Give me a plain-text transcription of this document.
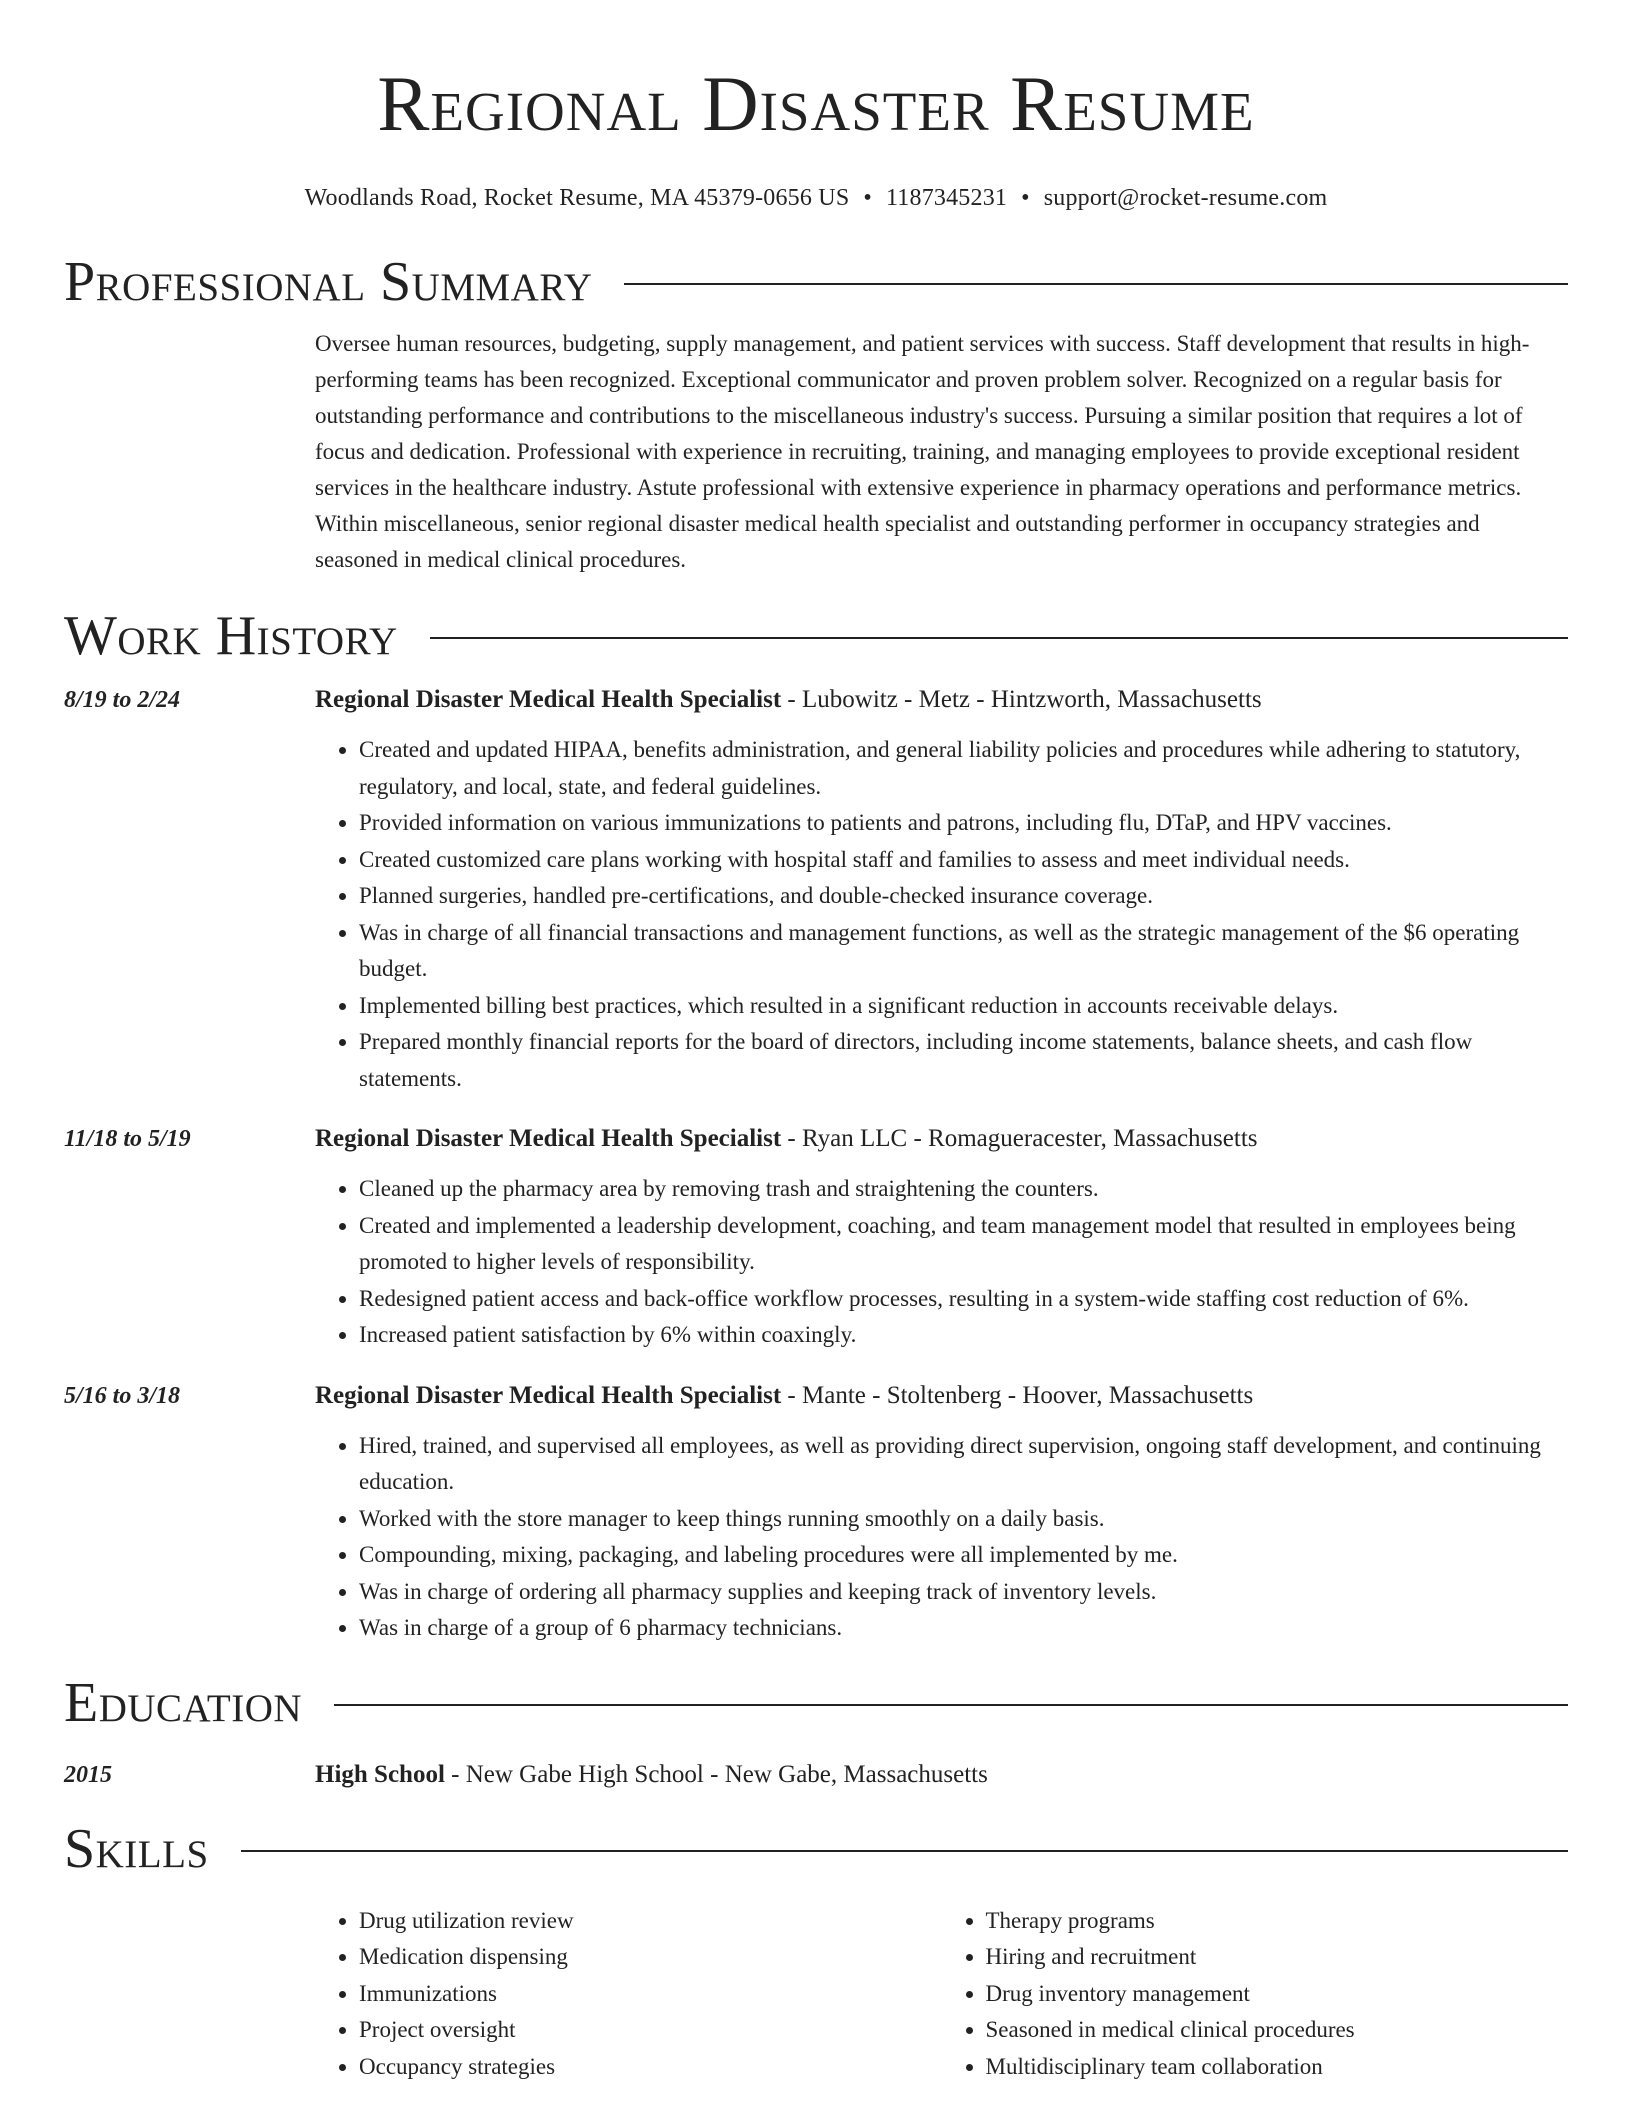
Regional Disaster Resume
Woodlands Road, Rocket Resume, MA 45379-0656 US • 1187345231 • support@rocket-resume.com
Professional Summary

Oversee human resources, budgeting, supply management, and patient services with success. Staff development that results in high-performing teams has been recognized. Exceptional communicator and proven problem solver. Recognized on a regular basis for outstanding performance and contributions to the miscellaneous industry's success. Pursuing a similar position that requires a lot of focus and dedication. Professional with experience in recruiting, training, and managing employees to provide exceptional resident services in the healthcare industry. Astute professional with extensive experience in pharmacy operations and performance metrics. Within miscellaneous, senior regional disaster medical health specialist and outstanding performer in occupancy strategies and seasoned in medical clinical procedures.

Work History
8/19 to 2/24	Regional Disaster Medical Health Specialist - Lubowitz - Metz - Hintzworth, Massachusetts
• Created and updated HIPAA, benefits administration, and general liability policies and procedures while adhering to statutory, regulatory, and local, state, and federal guidelines.
• Provided information on various immunizations to patients and patrons, including flu, DTaP, and HPV vaccines.
• Created customized care plans working with hospital staff and families to assess and meet individual needs.
• Planned surgeries, handled pre-certifications, and double-checked insurance coverage.
• Was in charge of all financial transactions and management functions, as well as the strategic management of the $6 operating budget.
• Implemented billing best practices, which resulted in a significant reduction in accounts receivable delays.
• Prepared monthly financial reports for the board of directors, including income statements, balance sheets, and cash flow statements.
11/18 to 5/19	Regional Disaster Medical Health Specialist - Ryan LLC - Romagueracester, Massachusetts
• Cleaned up the pharmacy area by removing trash and straightening the counters.
• Created and implemented a leadership development, coaching, and team management model that resulted in employees being promoted to higher levels of responsibility.
• Redesigned patient access and back-office workflow processes, resulting in a system-wide staffing cost reduction of 6%.
• Increased patient satisfaction by 6% within coaxingly.
5/16 to 3/18	Regional Disaster Medical Health Specialist - Mante - Stoltenberg - Hoover, Massachusetts
• Hired, trained, and supervised all employees, as well as providing direct supervision, ongoing staff development, and continuing education.
• Worked with the store manager to keep things running smoothly on a daily basis.
• Compounding, mixing, packaging, and labeling procedures were all implemented by me.
• Was in charge of ordering all pharmacy supplies and keeping track of inventory levels.
• Was in charge of a group of 6 pharmacy technicians.
Education
2015	High School - New Gabe High School - New Gabe, Massachusetts
Skills
• Drug utilization review
• Medication dispensing
• Immunizations
• Project oversight
• Occupancy strategies
• Therapy programs
• Hiring and recruitment
• Drug inventory management
• Seasoned in medical clinical procedures
• Multidisciplinary team collaboration
